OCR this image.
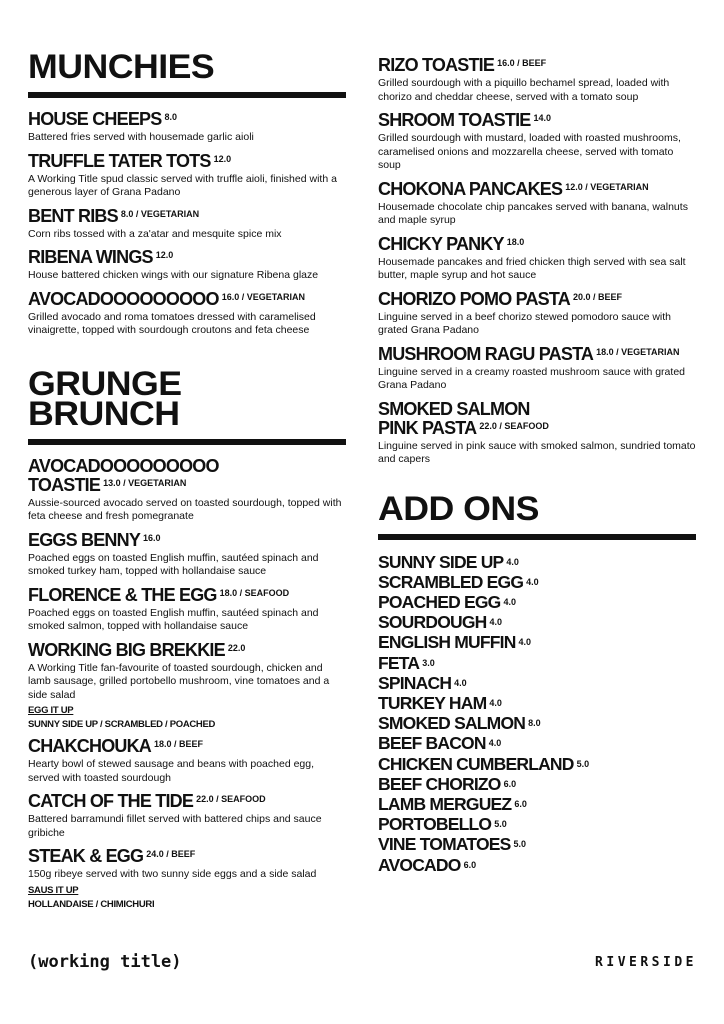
MUNCHIES
HOUSE CHEEPS $^{8.0}$
Battered fries served with housemade garlic aioli
TRUFFLE TATER TOTS $^{12.0}$
A Working Title spud classic served with truffle aioli, finished with a generous layer of Grana Padano
BENT RIBS $^{8.0 / VEGETARIAN}$
Corn ribs tossed with a za'atar and mesquite spice mix
RIBENA WINGS $^{12.0}$
House battered chicken wings with our signature Ribena glaze
AVOCADOOOOOOOOO $^{16.0 / VEGETARIAN}$
Grilled avocado and roma tomatoes dressed with caramelised vinaigrette, topped with sourdough croutons and feta cheese
GRUNGE BRUNCH
AVOCADOOOOOOOOO
TOASTIE $^{13.0 / VEGETARIAN}$
Aussie-sourced avocado served on toasted sourdough, topped with feta cheese and fresh pomegranate
EGGS BENNY $^{16.0}$
Poached eggs on toasted English muffin, sautéed spinach and smoked turkey ham, topped with hollandaise sauce
FLORENCE & THE EGG $^{18.0 / SEAFOOD}$
Poached eggs on toasted English muffin, sautéed spinach and smoked salmon, topped with hollandaise sauce
WORKING BIG BREKKIE $^{22.0}$
A Working Title fan-favourite of toasted sourdough, chicken and lamb sausage, grilled portobello mushroom, vine tomatoes and a side salad
EGG IT UP
SUNNY SIDE UP / SCRAMBLED / POACHED
CHAKCHOUKA $^{18.0 / BEEF}$
Hearty bowl of stewed sausage and beans with poached egg, served with toasted sourdough
CATCH OF THE TIDE $^{22.0 / SEAFOOD}$
Battered barramundi fillet served with battered chips and sauce gribiche
STEAK & EGG $^{24.0 / BEEF}$
150g ribeye served with two sunny side eggs and a side salad
SAUS IT UP
HOLLANDAISE / CHIMICHURI
RIZO TOASTIE $^{16.0 / BEEF}$
Grilled sourdough with a piquillo bechamel spread, loaded with chorizo and cheddar cheese, served with a tomato soup
SHROOM TOASTIE $^{14.0}$
Grilled sourdough with mustard, loaded with roasted mushrooms, caramelised onions and mozzarella cheese, served with tomato soup
CHOKONA PANCAKES $^{12.0 / VEGETARIAN}$
Housemade chocolate chip pancakes served with banana, walnuts and maple syrup
CHICKY PANKY $^{18.0}$
Housemade pancakes and fried chicken thigh served with sea salt butter, maple syrup and hot sauce
CHORIZO POMO PASTA $^{20.0 / BEEF}$
Linguine served in a beef chorizo stewed pomodoro sauce with grated Grana Padano
MUSHROOM RAGU PASTA $^{18.0 / VEGETARIAN}$
Linguine served in a creamy roasted mushroom sauce with grated Grana Padano
SMOKED SALMON
PINK PASTA $^{22.0 / SEAFOOD}$
Linguine served in pink sauce with smoked salmon, sundried tomato and capers
ADD ONS
SUNNY SIDE UP $^{4.0}$
SCRAMBLED EGG $^{4.0}$
POACHED EGG $^{4.0}$
SOURDOUGH $^{4.0}$
ENGLISH MUFFIN $^{4.0}$
FETA $^{3.0}$
SPINACH $^{4.0}$
TURKEY HAM $^{4.0}$
SMOKED SALMON $^{8.0}$
BEEF BACON $^{4.0}$
CHICKEN CUMBERLAND $^{5.0}$
BEEF CHORIZO $^{6.0}$
LAMB MERGUEZ $^{6.0}$
PORTOBELLO $^{5.0}$
VINE TOMATOES $^{5.0}$
AVOCADO $^{6.0}$
(working title)	RIVERSIDE
